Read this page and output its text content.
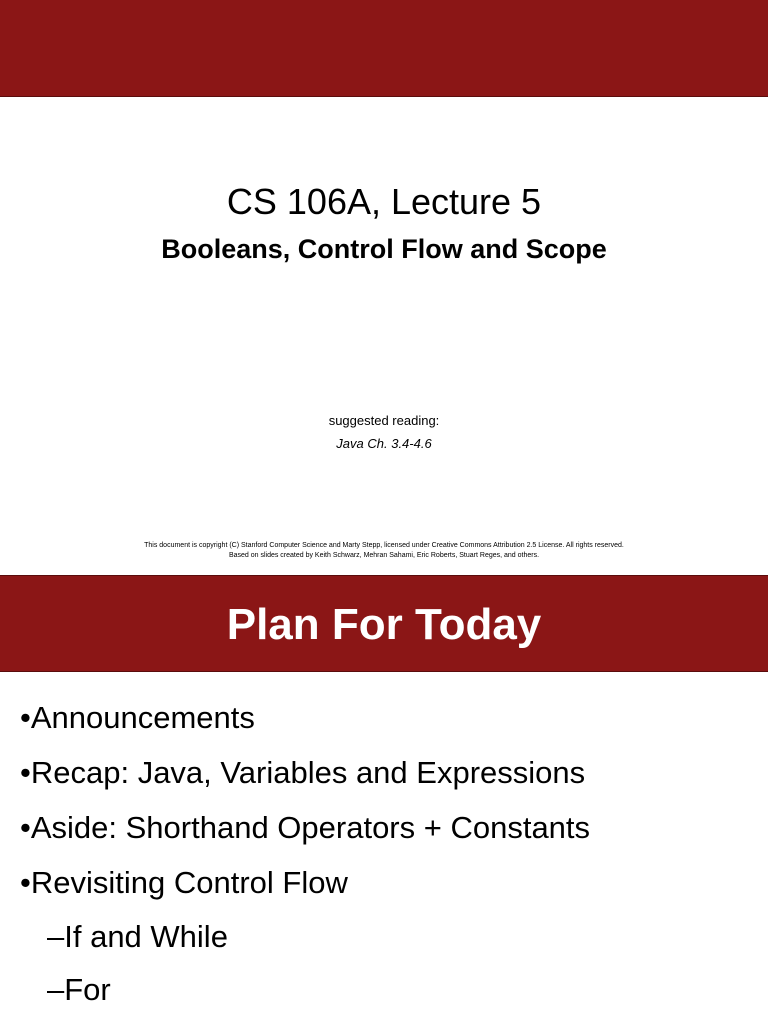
CS 106A, Lecture 5
Booleans, Control Flow and Scope
suggested reading:
Java Ch. 3.4-4.6
This document is copyright (C) Stanford Computer Science and Marty Stepp, licensed under Creative Commons Attribution 2.5 License. All rights reserved.
Based on slides created by Keith Schwarz, Mehran Sahami, Eric Roberts, Stuart Reges, and others.
Plan For Today
•Announcements
•Recap: Java, Variables and Expressions
•Aside: Shorthand Operators + Constants
•Revisiting Control Flow
–If and While
–For
